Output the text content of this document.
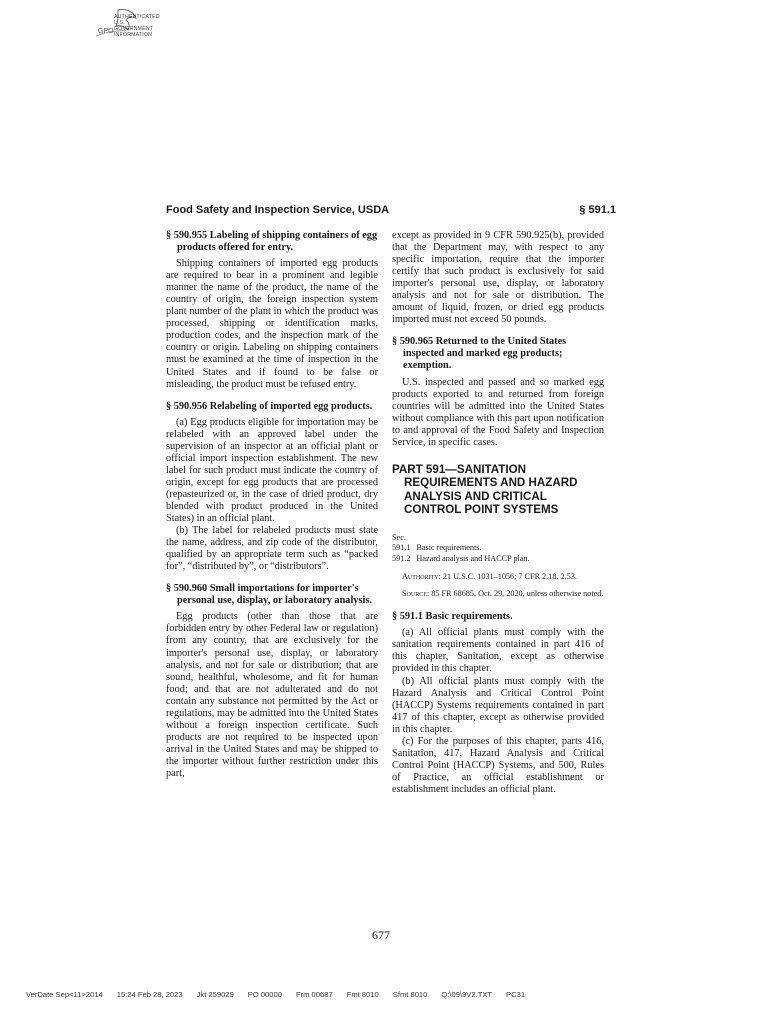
AUTHENTICATED
U.S. GOVERNMENT
INFORMATION
GPO
Food Safety and Inspection Service, USDA	§ 591.1

§ 590.955 Labeling of shipping containers of egg products offered for entry.

Shipping containers of imported egg products are required to bear in a prominent and legible manner the name of the product, the name of the country of origin, the foreign inspection system plant number of the plant in which the product was processed, shipping or identification marks, production codes, and the inspection mark of the country or origin. Labeling on shipping containers must be examined at the time of inspection in the United States and if found to be false or misleading, the product must be refused entry.

§ 590.956 Relabeling of imported egg products.

(a) Egg products eligible for importation may be relabeled with an approved label under the supervision of an inspector at an official plant or official import inspection establishment. The new label for such product must indicate the country of origin, except for egg products that are processed (repasteurized or, in the case of dried product, dry blended with product produced in the United States) in an official plant.

(b) The label for relabeled products must state the name, address, and zip code of the distributor, qualified by an appropriate term such as “packed for”, “distributed by”, or “distributors”.

§ 590.960 Small importations for importer's personal use, display, or laboratory analysis.

Egg products (other than those that are forbidden entry by other Federal law or regulation) from any country, that are exclusively for the importer's personal use, display, or laboratory analysis, and not for sale or distribution; that are sound, healthful, wholesome, and fit for human food; and that are not adulterated and do not contain any substance not permitted by the Act or regulations, may be admitted into the United States without a foreign inspection certificate. Such products are not required to be inspected upon arrival in the United States and may be shipped to the importer without further restriction under this part,

except as provided in 9 CFR 590.925(b), provided that the Department may, with respect to any specific importation, require that the importer certify that such product is exclusively for said importer's personal use, display, or laboratory analysis and not for sale or distribution. The amount of liquid, frozen, or dried egg products imported must not exceed 50 pounds.

§ 590.965 Returned to the United States inspected and marked egg products; exemption.

U.S. inspected and passed and so marked egg products exported to and returned from foreign countries will be admitted into the United States without compliance with this part upon notification to and approval of the Food Safety and Inspection Service, in specific cases.

PART 591—SANITATION REQUIREMENTS AND HAZARD ANALYSIS AND CRITICAL CONTROL POINT SYSTEMS
Sec.
591.1 Basic requirements.
591.2 Hazard analysis and HACCP plan.

Authority: 21 U.S.C. 1031–1056; 7 CFR 2.18, 2.53.

Source: 85 FR 68685, Oct. 29, 2020, unless otherwise noted.

§ 591.1 Basic requirements.

(a) All official plants must comply with the sanitation requirements contained in part 416 of this chapter, Sanitation, except as otherwise provided in this chapter.

(b) All official plants must comply with the Hazard Analysis and Critical Control Point (HACCP) Systems requirements contained in part 417 of this chapter, except as otherwise provided in this chapter.

(c) For the purposes of this chapter, parts 416, Sanitation, 417, Hazard Analysis and Critical Control Point (HACCP) Systems, and 500, Rules of Practice, an official establishment or establishment includes an official plant.

677
VerDate Sep<11>2014 15:24 Feb 28, 2023 Jkt 259029 PO 00000 Frm 00687 Fmt 8010 Sfmt 8010 Q:\09\9V2.TXT PC31
